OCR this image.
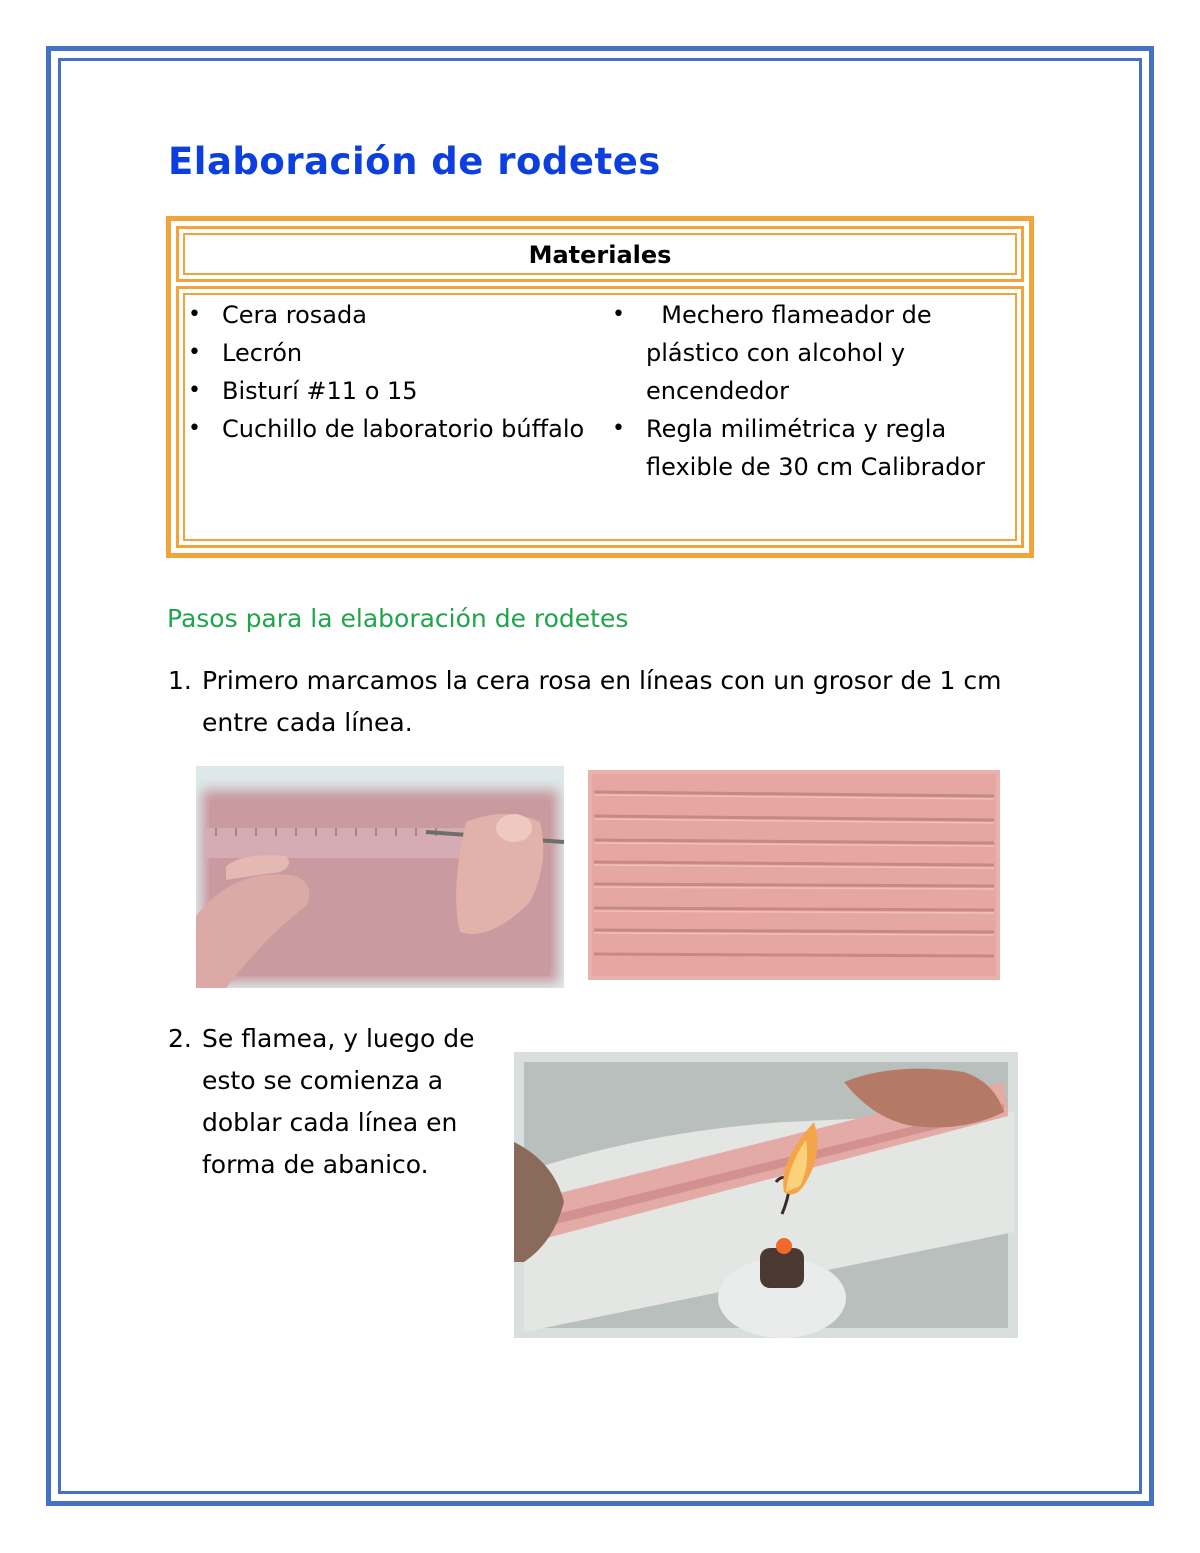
Elaboración de rodetes
Materiales
• Cera rosada
• Lecrón
• Bisturí #11 o 15
• Cuchillo de laboratorio búffalo
•   Mechero flameador de plástico con alcohol y encendedor
• Regla milimétrica y regla flexible de 30 cm Calibrador
Pasos para la elaboración de rodetes
1. Primero marcamos la cera rosa en líneas con un grosor de 1 cm entre cada línea.
2. Se flamea, y luego de esto se comienza a doblar cada línea en forma de abanico.
